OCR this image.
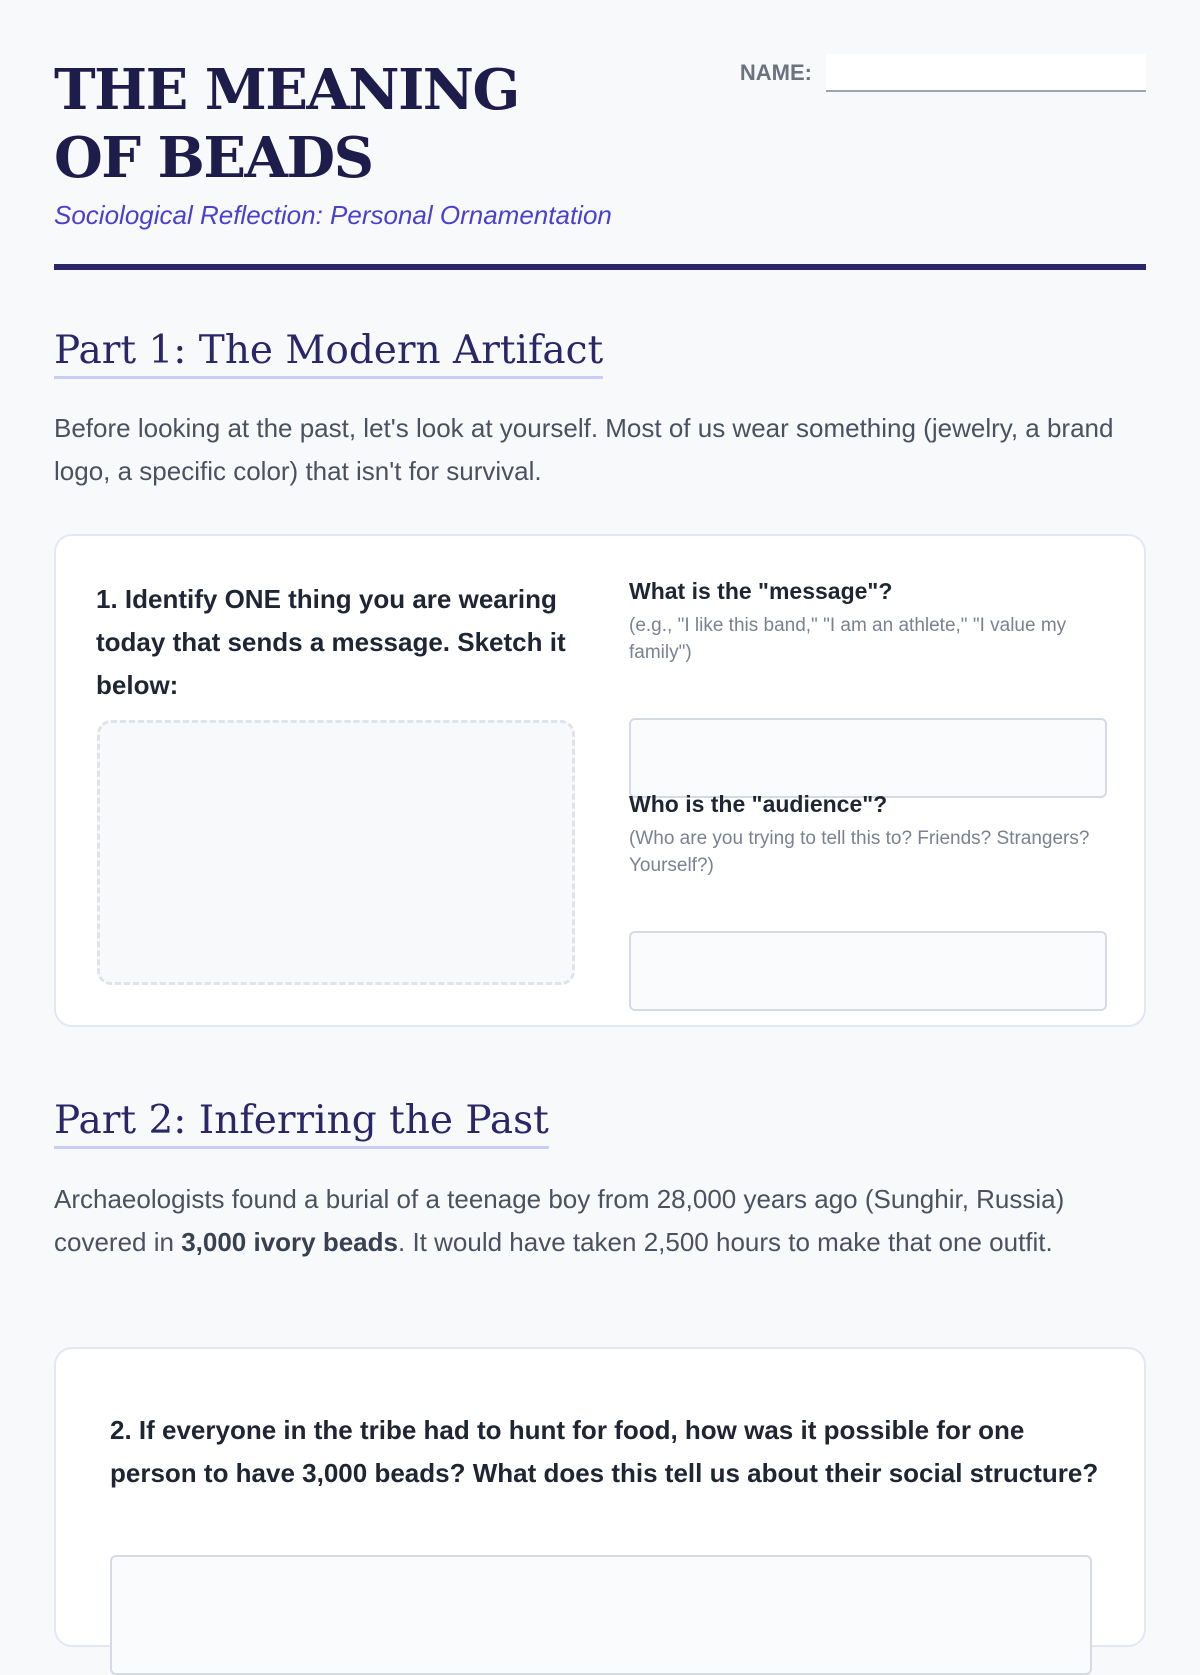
THE MEANING OF BEADS

Sociological Reflection: Personal Ornamentation

NAME:
Part 1: The Modern Artifact

Before looking at the past, let's look at yourself. Most of us wear something (jewelry, a brand logo, a specific color) that isn't for survival.

1. Identify ONE thing you are wearing today that sends a message. Sketch it below:

What is the "message"?

(e.g., "I like this band," "I am an athlete," "I value my family")

Who is the "audience"?

(Who are you trying to tell this to? Friends? Strangers? Yourself?)

Part 2: Inferring the Past

Archaeologists found a burial of a teenage boy from 28,000 years ago (Sunghir, Russia) covered in 3,000 ivory beads. It would have taken 2,500 hours to make that one outfit.

2. If everyone in the tribe had to hunt for food, how was it possible for one person to have 3,000 beads? What does this tell us about their social structure?
